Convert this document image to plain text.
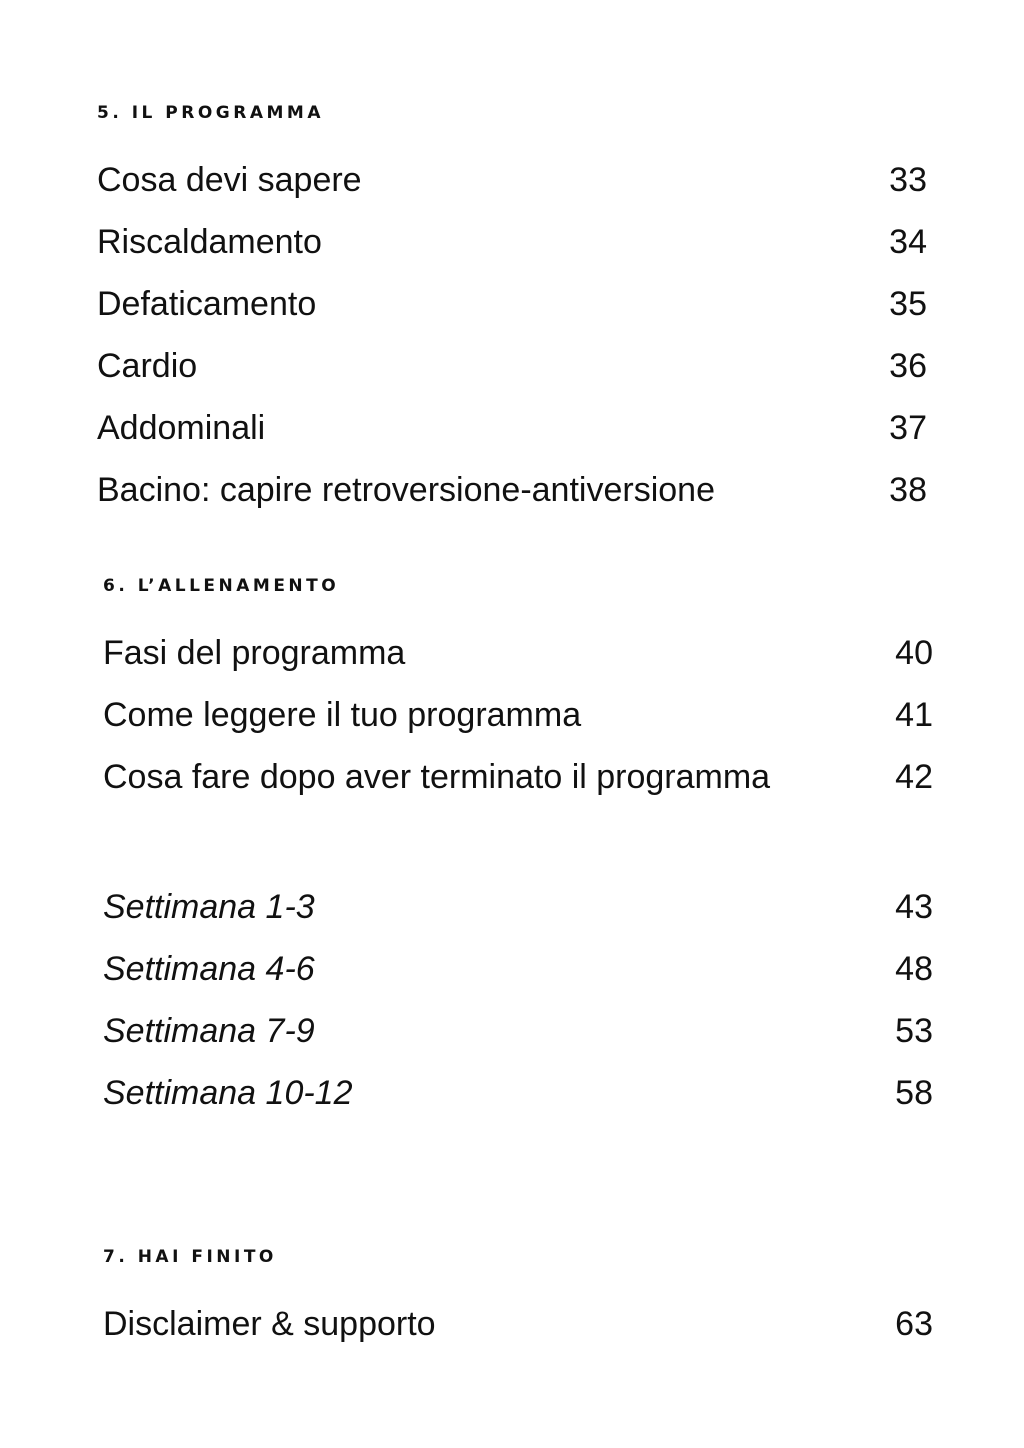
5. IL PROGRAMMA
Cosa devi sapere	33
Riscaldamento	34
Defaticamento	35
Cardio	36
Addominali	37
Bacino: capire retroversione-antiversione	38
6. L’ALLENAMENTO
Fasi del programma	40
Come leggere il tuo programma	41
Cosa fare dopo aver terminato il programma	42
Settimana 1-3	43
Settimana 4-6	48
Settimana 7-9	53
Settimana 10-12	58
7. HAI FINITO
Disclaimer & supporto	63
